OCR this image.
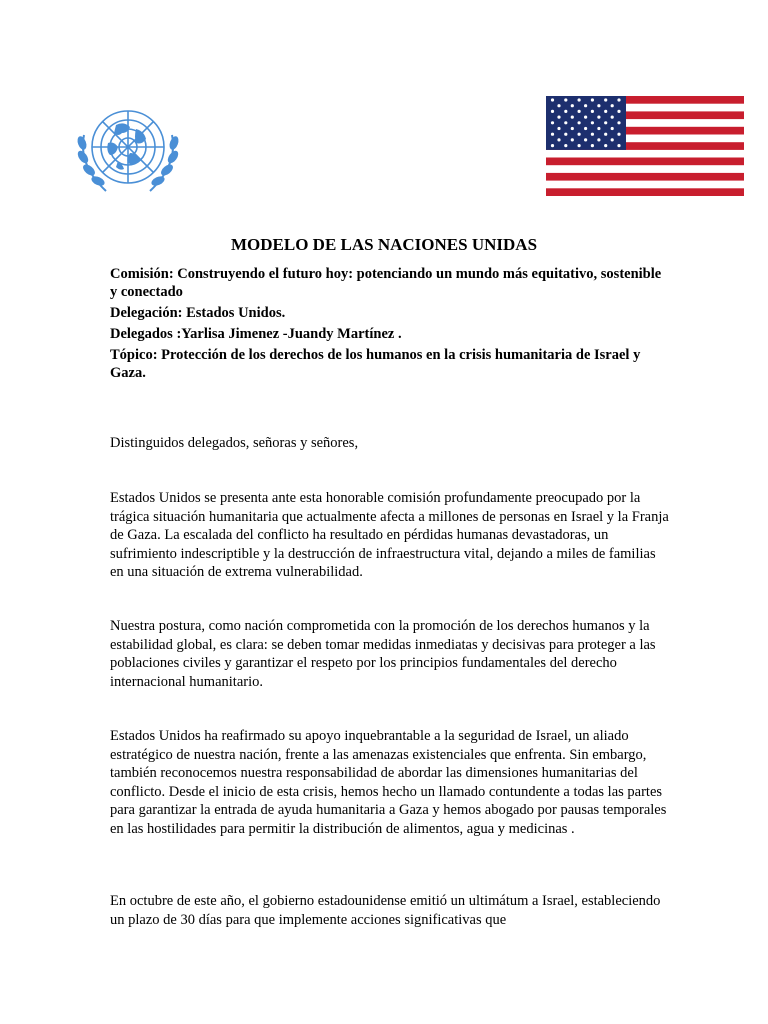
MODELO DE LAS NACIONES UNIDAS

Comisión: Construyendo el futuro hoy: potenciando un mundo más equitativo, sostenible y conectado

Delegación: Estados Unidos.

Delegados :Yarlisa Jimenez -Juandy Martínez .

Tópico: Protección de los derechos de los humanos en la crisis humanitaria de Israel y Gaza.

Distinguidos delegados, señoras y señores,

Estados Unidos se presenta ante esta honorable comisión profundamente preocupado por la trágica situación humanitaria que actualmente afecta a millones de personas en Israel y la Franja de Gaza. La escalada del conflicto ha resultado en pérdidas humanas devastadoras, un sufrimiento indescriptible y la destrucción de infraestructura vital, dejando a miles de familias en una situación de extrema vulnerabilidad.

Nuestra postura, como nación comprometida con la promoción de los derechos humanos y la estabilidad global, es clara: se deben tomar medidas inmediatas y decisivas para proteger a las poblaciones civiles y garantizar el respeto por los principios fundamentales del derecho internacional humanitario.

Estados Unidos ha reafirmado su apoyo inquebrantable a la seguridad de Israel, un aliado estratégico de nuestra nación, frente a las amenazas existenciales que enfrenta. Sin embargo, también reconocemos nuestra responsabilidad de abordar las dimensiones humanitarias del conflicto. Desde el inicio de esta crisis, hemos hecho un llamado contundente a todas las partes para garantizar la entrada de ayuda humanitaria a Gaza y hemos abogado por pausas temporales en las hostilidades para permitir la distribución de alimentos, agua y medicinas .

En octubre de este año, el gobierno estadounidense emitió un ultimátum a Israel, estableciendo un plazo de 30 días para que implemente acciones significativas que
